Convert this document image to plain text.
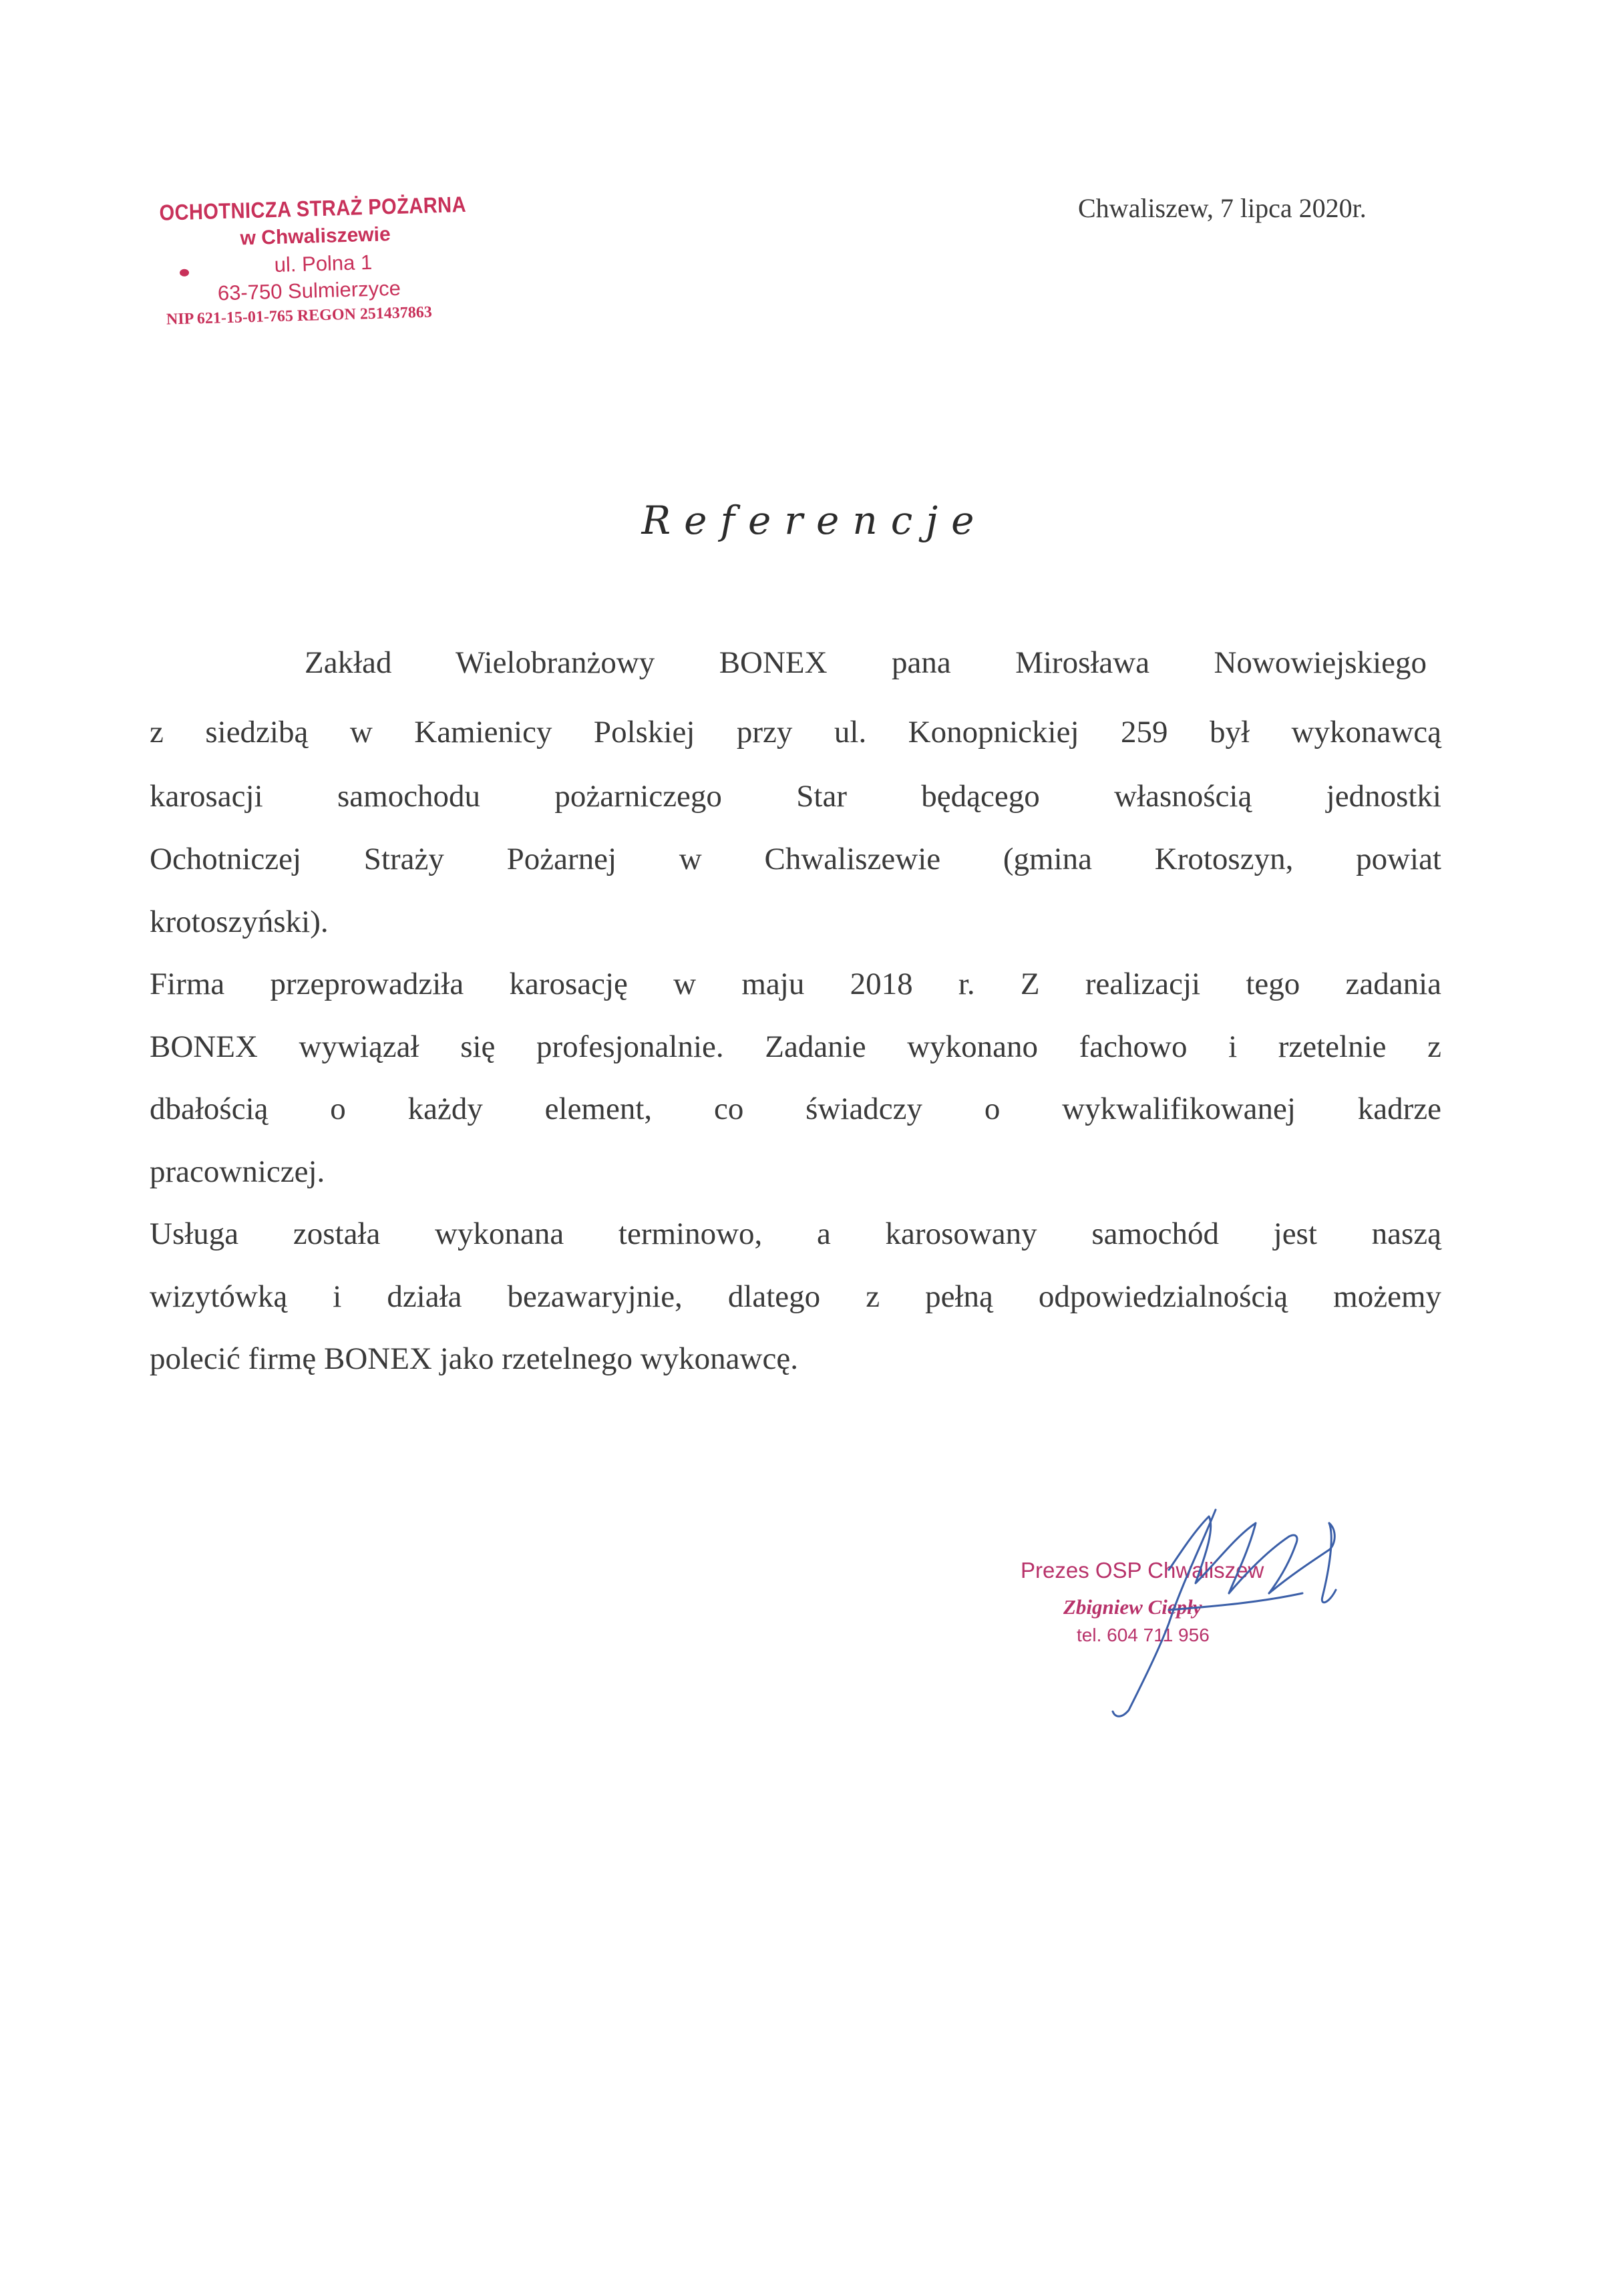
OCHOTNICZA STRAŻ POŻARNA
w Chwaliszewie
ul. Polna 1
63-750 Sulmierzyce
NIP 621-15-01-765 REGON 251437863
Chwaliszew, 7 lipca 2020r.
Referencje
Zakład Wielobranżowy BONEX pana Mirosława Nowowiejskiego
z siedzibą w Kamienicy Polskiej przy ul. Konopnickiej 259 był wykonawcą
karosacji samochodu pożarniczego Star będącego własnością jednostki
Ochotniczej Straży Pożarnej w Chwaliszewie (gmina Krotoszyn, powiat
krotoszyński).
Firma przeprowadziła karosację w maju 2018 r. Z realizacji tego zadania
BONEX wywiązał się profesjonalnie. Zadanie wykonano fachowo i rzetelnie z
dbałością o każdy element, co świadczy o wykwalifikowanej kadrze
pracowniczej.
Usługa została wykonana terminowo, a karosowany samochód jest naszą
wizytówką i działa bezawaryjnie, dlatego z pełną odpowiedzialnością możemy
polecić firmę BONEX jako rzetelnego wykonawcę.
Prezes OSP Chwaliszew
Zbigniew Ciepły
tel. 604 711 956
